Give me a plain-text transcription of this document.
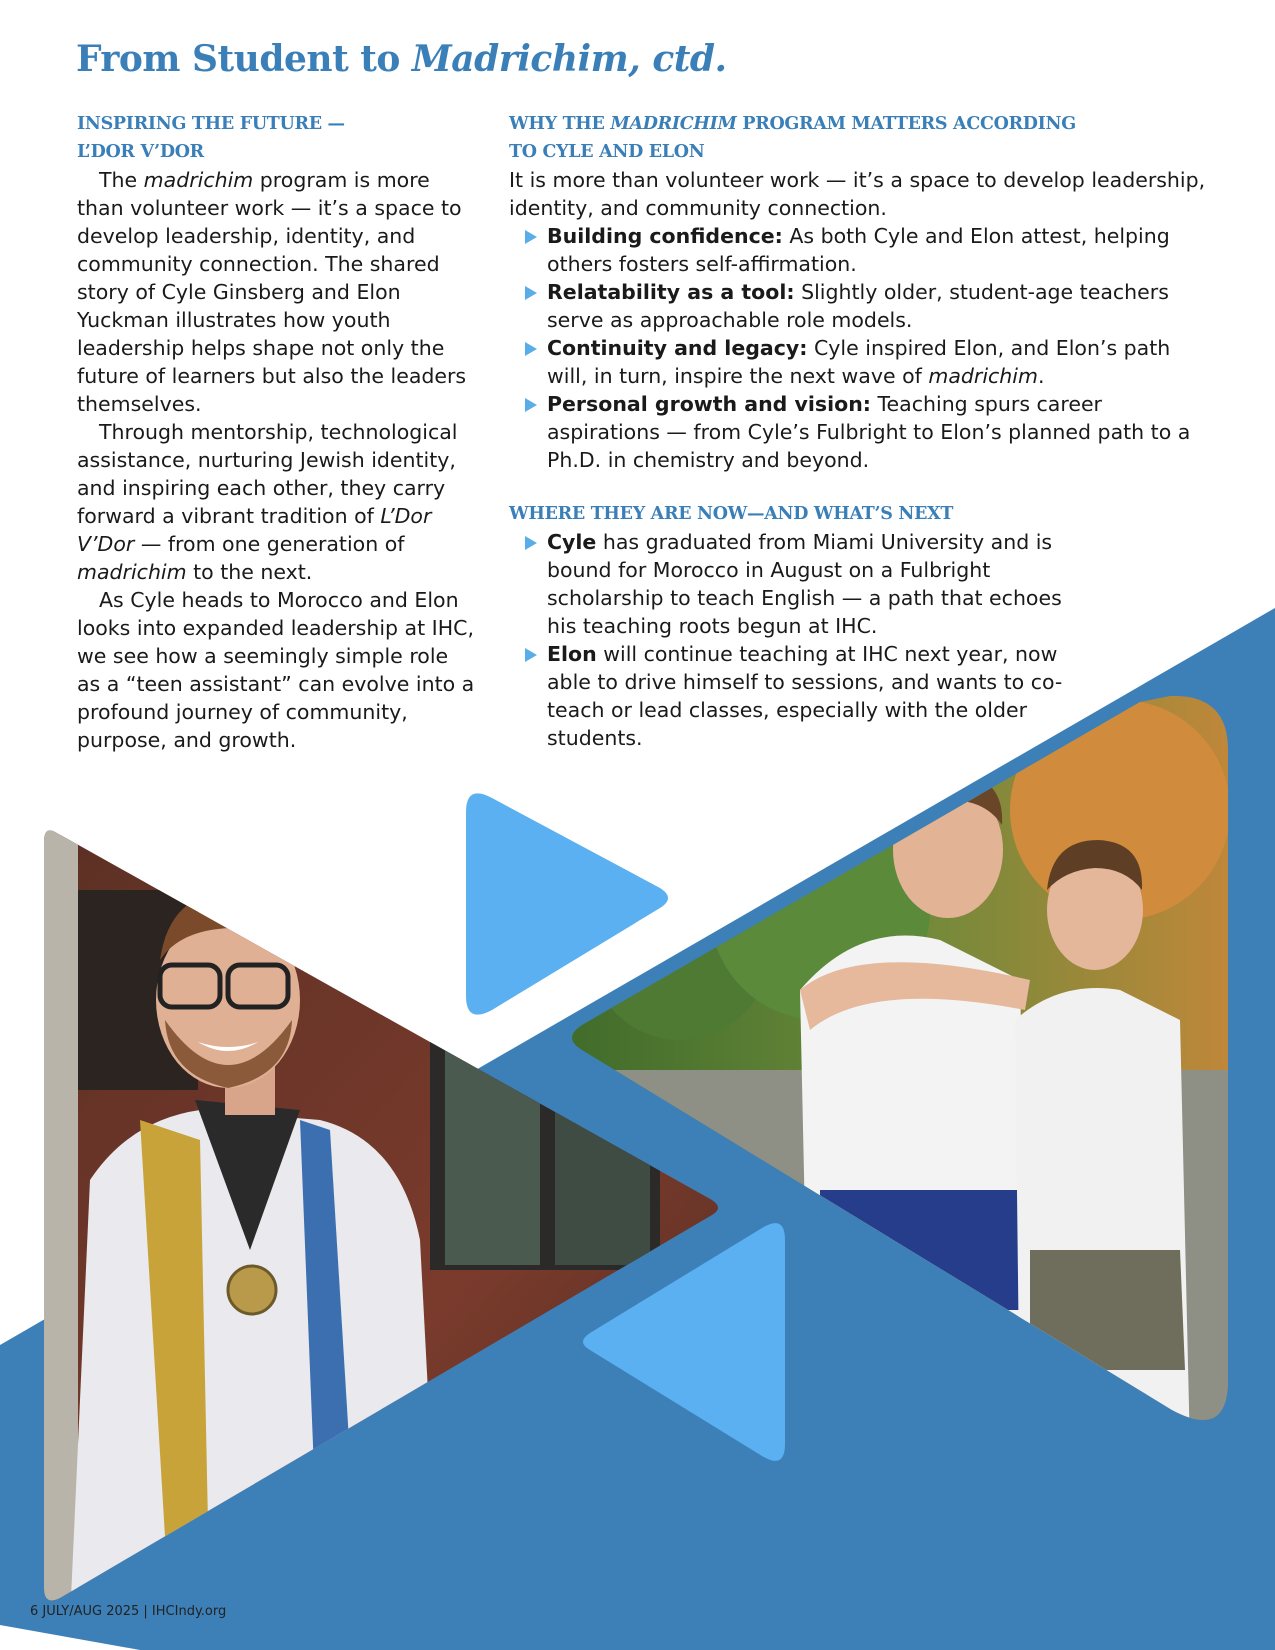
From Student to Madrichim, ctd.
INSPIRING THE FUTURE —
L’DOR V’DOR

The madrichim program is more than volunteer work — it’s a space to develop leadership, identity, and community connection. The shared story of Cyle Ginsberg and Elon Yuckman illustrates how youth leadership helps shape not only the future of learners but also the leaders themselves.

Through mentorship, technological assistance, nurturing Jewish identity, and inspiring each other, they carry forward a vibrant tradition of L’Dor V’Dor — from one generation of madrichim to the next.

As Cyle heads to Morocco and Elon looks into expanded leadership at IHC, we see how a seemingly simple role as a “teen assistant” can evolve into a profound journey of community, purpose, and growth.

WHY THE MADRICHIM PROGRAM MATTERS ACCORDING
TO CYLE AND ELON

It is more than volunteer work — it’s a space to develop leadership, identity, and community connection.

Building confidence: As both Cyle and Elon attest, helping others fosters self-affirmation.
Relatability as a tool: Slightly older, student-age teachers serve as approachable role models.
Continuity and legacy: Cyle inspired Elon, and Elon’s path will, in turn, inspire the next wave of madrichim.
Personal growth and vision: Teaching spurs career aspirations — from Cyle’s Fulbright to Elon’s planned path to a Ph.D. in chemistry and beyond.
WHERE THEY ARE NOW—AND WHAT’S NEXT
Cyle has graduated from Miami University and is bound for Morocco in August on a Fulbright scholarship to teach English — a path that echoes his teaching roots begun at IHC.
Elon will continue teaching at IHC next year, now able to drive himself to sessions, and wants to co-teach or lead classes, especially with the older students.
6 JULY/AUG 2025 | IHCIndy.org
